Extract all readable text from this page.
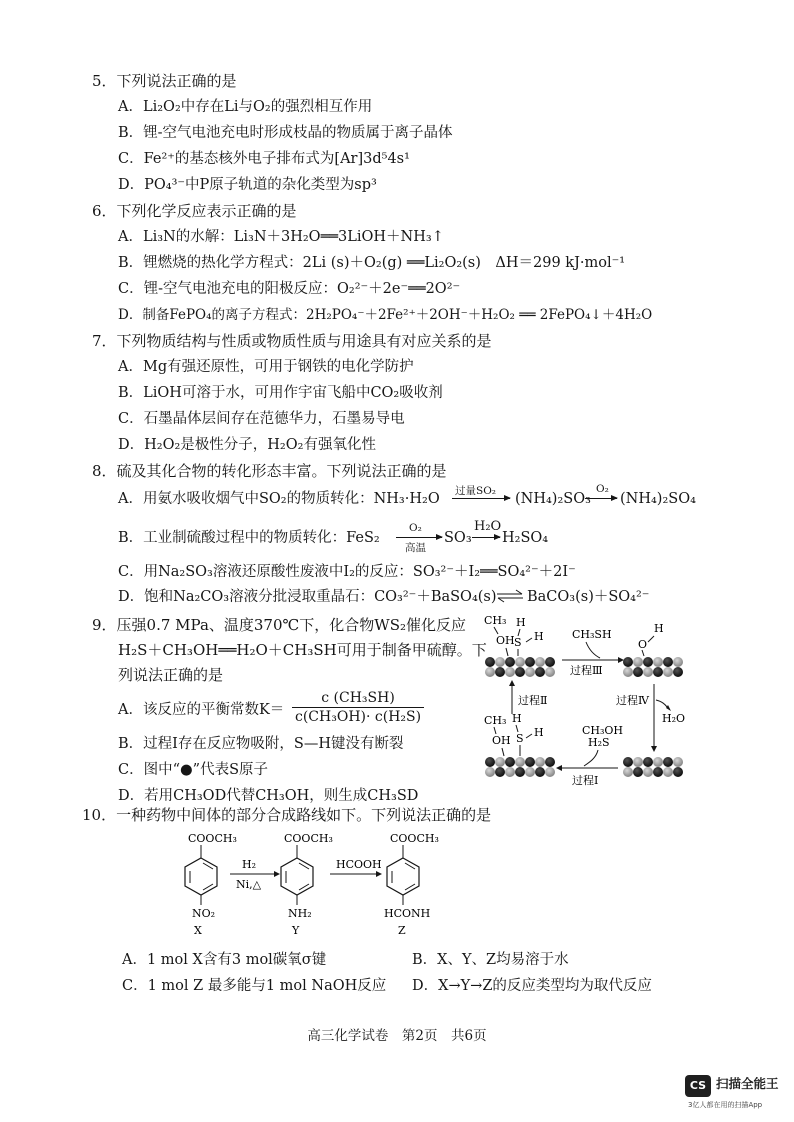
5．下列说法正确的是
A．Li₂O₂中存在Li与O₂的强烈相互作用
B．锂-空气电池充电时形成枝晶的物质属于离子晶体
C．Fe²⁺的基态核外电子排布式为[Ar]3d⁵4s¹
D．PO₄³⁻中P原子轨道的杂化类型为sp³
6．下列化学反应表示正确的是
A．Li₃N的水解：Li₃N＋3H₂O══3LiOH＋NH₃↑
B．锂燃烧的热化学方程式：2Li (s)＋O₂(g) ══Li₂O₂(s)　ΔH＝299 kJ·mol⁻¹
C．锂-空气电池充电的阳极反应：O₂²⁻＋2e⁻══2O²⁻
D．制备FePO₄的离子方程式：2H₂PO₄⁻＋2Fe²⁺＋2OH⁻＋H₂O₂ ══ 2FePO₄↓＋4H₂O
7．下列物质结构与性质或物质性质与用途具有对应关系的是
A．Mg有强还原性，可用于钢铁的电化学防护
B．LiOH可溶于水，可用作宇宙飞船中CO₂吸收剂
C．石墨晶体层间存在范德华力，石墨易导电
D．H₂O₂是极性分子，H₂O₂有强氧化性
8．硫及其化合物的转化形态丰富。下列说法正确的是
A．用氨水吸收烟气中SO₂的物质转化：NH₃·H₂O 过量SO₂ (NH₄)₂SO₃
O₂
(NH₄)₂SO₄
B．工业制硫酸过程中的物质转化：FeS₂
O₂
高温
SO₃
H₂O
H₂SO₄
C．用Na₂SO₃溶液还原酸性废液中I₂的反应：SO₃²⁻＋I₂══SO₄²⁻＋2I⁻
D．饱和Na₂CO₃溶液分批浸取重晶石：CO₃²⁻＋BaSO₄(s) ⇌ BaCO₃(s)＋SO₄²⁻
9．压强0.7 MPa、温度370℃下，化合物WS₂催化反应
H₂S＋CH₃OH══H₂O＋CH₃SH可用于制备甲硫醇。下
列说法正确的是
A．该反应的平衡常数$K= \frac{\text{c (CH₃SH)}}{\text{c(CH₃OH)· c(H₂S)}}$
B．过程Ⅰ存在反应物吸附，S—H键没有断裂
C．图中“●”代表S原子
D．若用CH₃OD代替CH₃OH，则生成CH₃SD
CH₃
OH
H
S H	CH₃SH
过程Ⅲ
O
H
过程Ⅳ
H₂O
CH₃OH
H₂S
过程Ⅰ
CH₃
OH
H
S H
过程Ⅱ
10．一种药物中间体的部分合成路线如下。下列说法正确的是
COOCH₃
NO₂
X
H₂
Ni,△
COOCH₃
NH₂
Y
HCOOH
COOCH₃
HCONH
Z
A．1 mol X含有3 mol碳氧σ键	B．X、Y、Z均易溶于水
C．1 mol Z 最多能与1 mol NaOH反应 D．X→Y→Z的反应类型均为取代反应
高三化学试卷　第2页　共6页
CS 扫描全能王
3亿人都在用的扫描App
